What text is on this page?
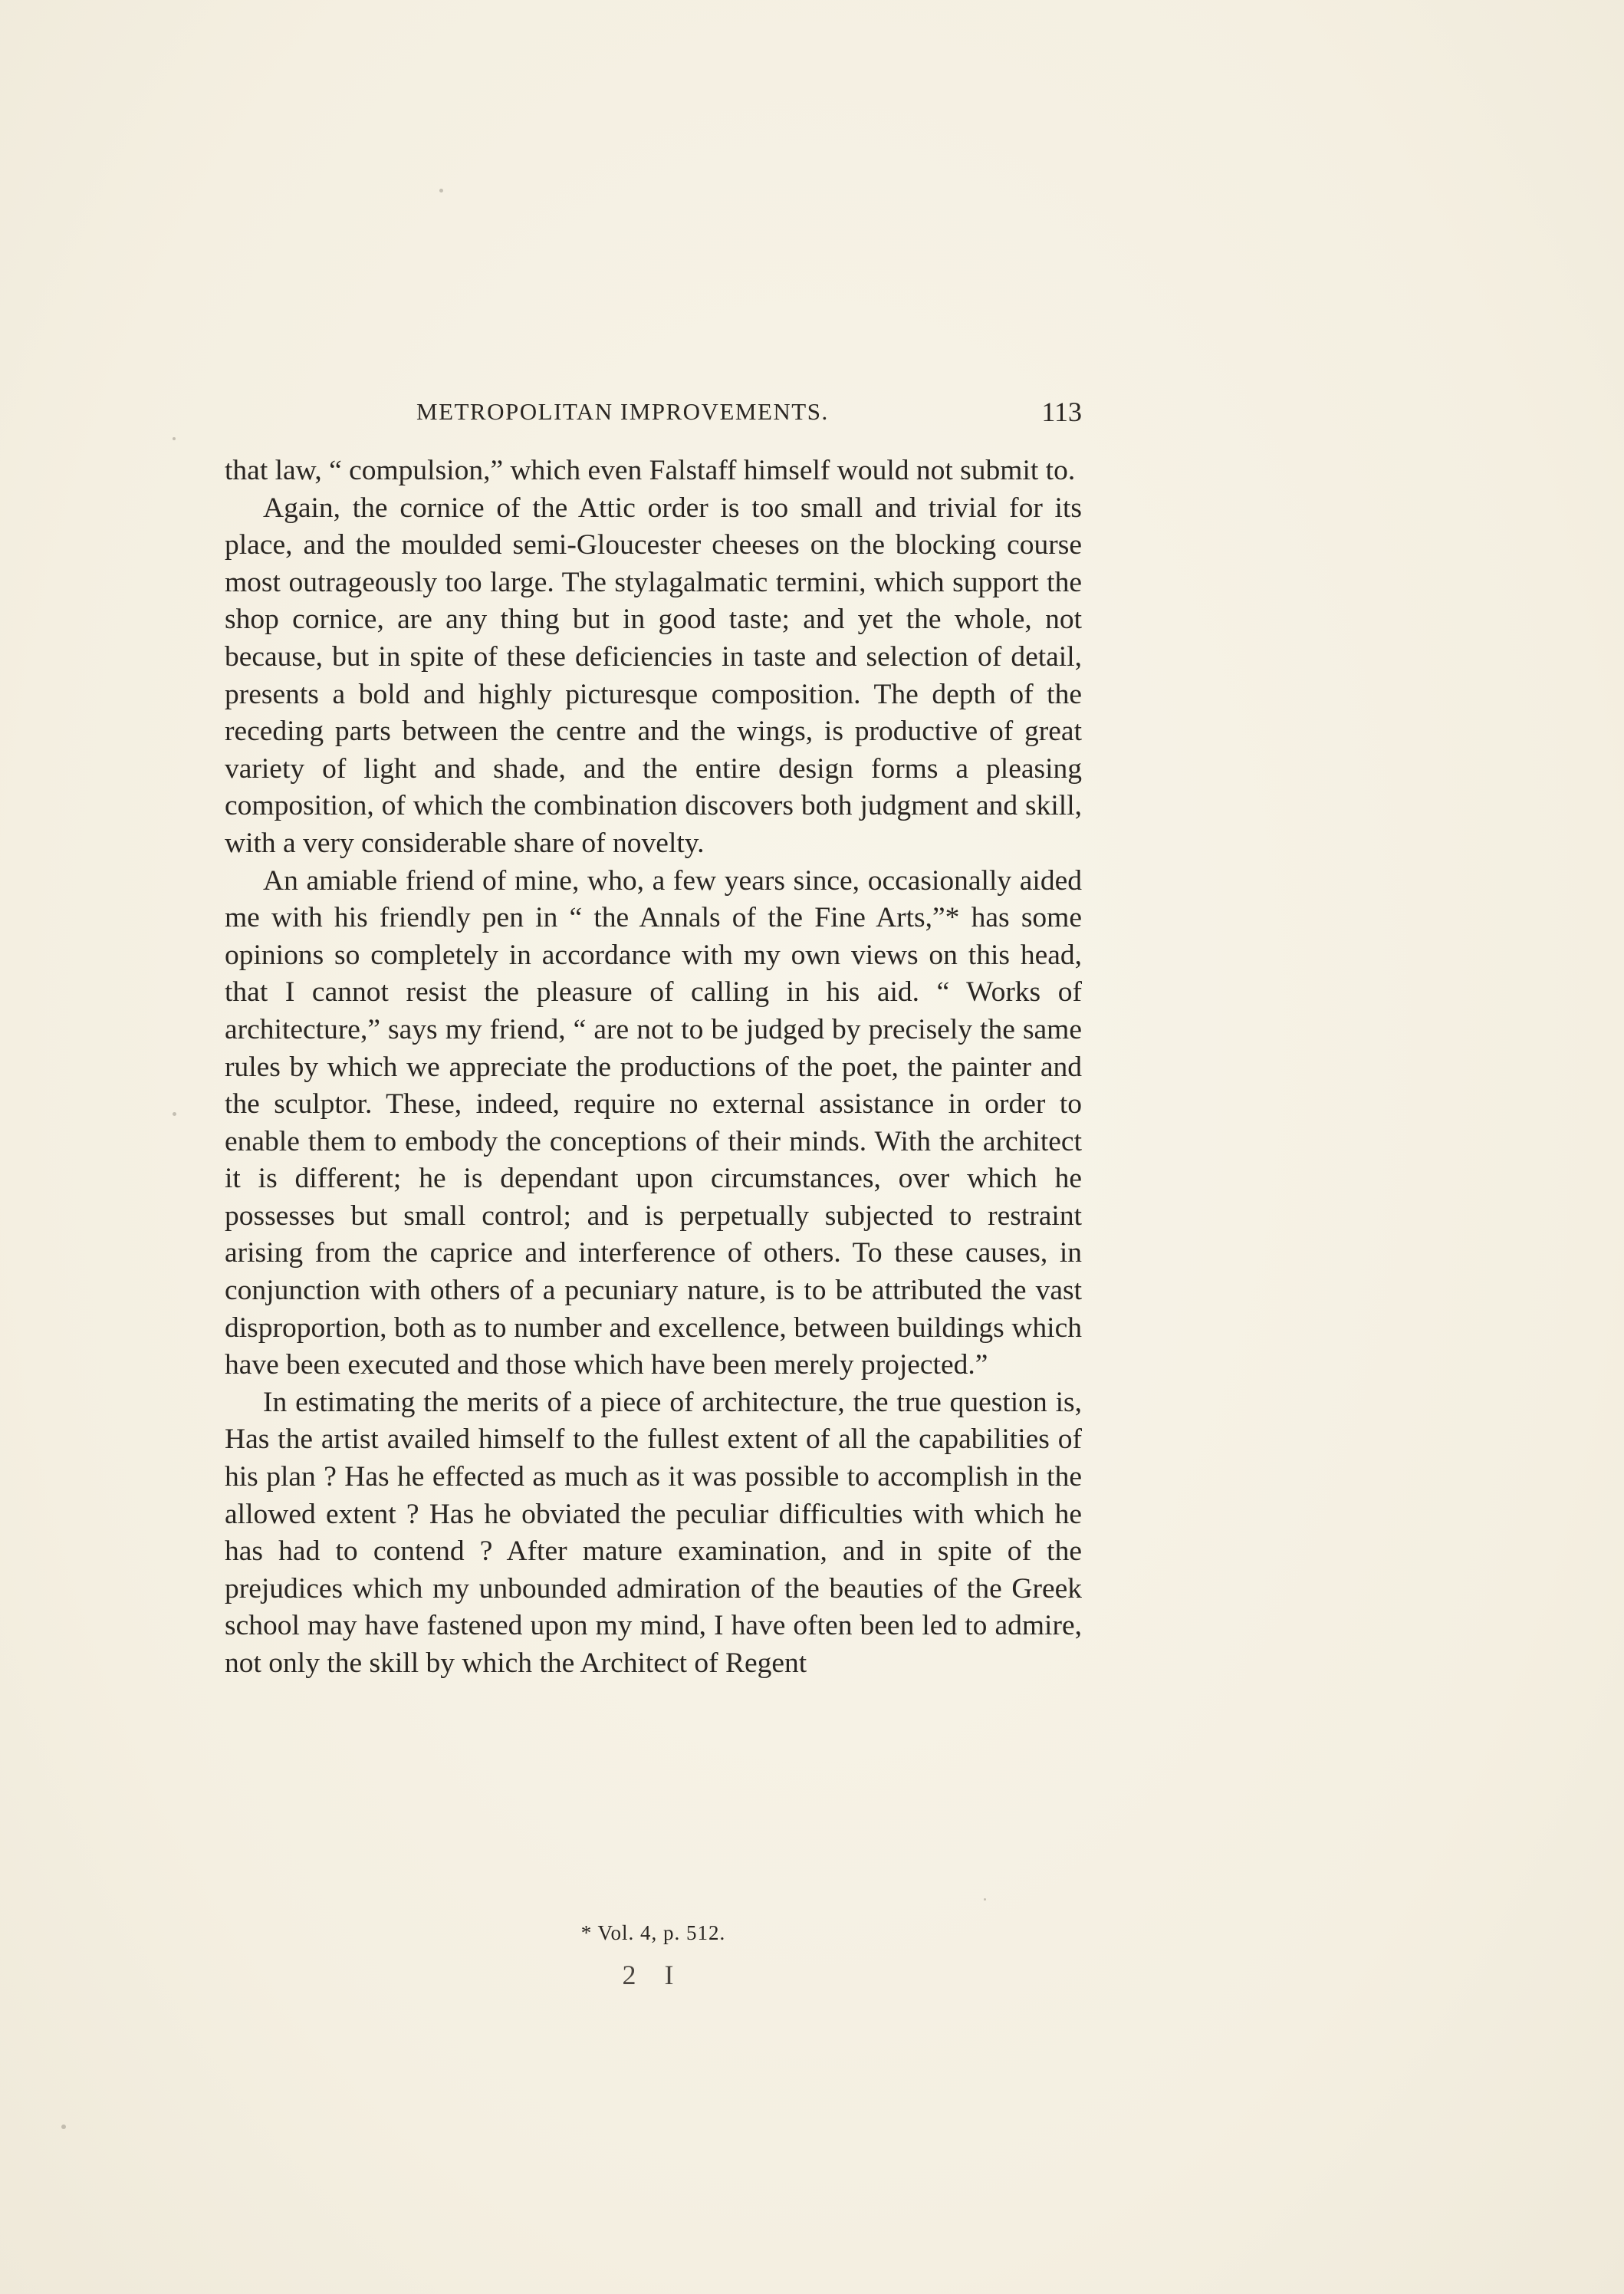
METROPOLITAN IMPROVEMENTS.	113

that law, “ compulsion,” which even Falstaff himself would not submit to.

Again, the cornice of the Attic order is too small and trivial for its place, and the moulded semi-Gloucester cheeses on the blocking course most outrageously too large. The stylagalmatic termini, which support the shop cornice, are any thing but in good taste; and yet the whole, not because, but in spite of these deficiencies in taste and selection of detail, presents a bold and highly picturesque composition. The depth of the receding parts between the centre and the wings, is productive of great variety of light and shade, and the entire design forms a pleasing composition, of which the combination discovers both judgment and skill, with a very considerable share of novelty.

An amiable friend of mine, who, a few years since, occasionally aided me with his friendly pen in “ the Annals of the Fine Arts,”* has some opinions so completely in accordance with my own views on this head, that I cannot resist the pleasure of calling in his aid. “ Works of architecture,” says my friend, “ are not to be judged by precisely the same rules by which we appreciate the productions of the poet, the painter and the sculptor. These, indeed, require no external assistance in order to enable them to embody the conceptions of their minds. With the architect it is different; he is dependant upon circumstances, over which he possesses but small control; and is perpetually subjected to restraint arising from the caprice and interference of others. To these causes, in conjunction with others of a pecuniary nature, is to be attributed the vast disproportion, both as to number and excellence, between buildings which have been executed and those which have been merely projected.”

In estimating the merits of a piece of architecture, the true question is, Has the artist availed himself to the fullest extent of all the capabilities of his plan ? Has he effected as much as it was possible to accomplish in the allowed extent ? Has he obviated the peculiar difficulties with which he has had to contend ? After mature examination, and in spite of the prejudices which my unbounded admiration of the beauties of the Greek school may have fastened upon my mind, I have often been led to admire, not only the skill by which the Architect of Regent

* Vol. 4, p. 512.
2 I
